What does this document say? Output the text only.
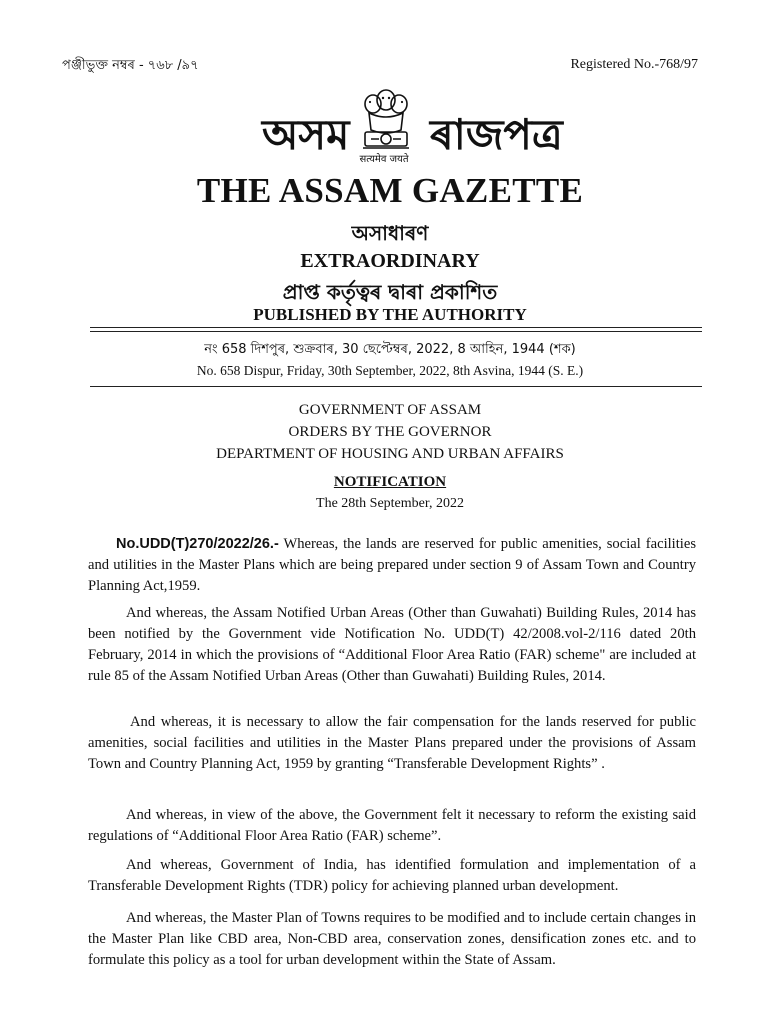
পঞ্জীভুক্ত নম্বৰ - ৭৬৮ /৯৭	Registered No.-768/97
অসম ৰাজপত্ৰ
सत्यमेव जयते
THE ASSAM GAZETTE
অসাধাৰণ
EXTRAORDINARY
প্ৰাপ্ত কৰ্তৃত্বৰ দ্বাৰা প্ৰকাশিত
PUBLISHED BY THE AUTHORITY
নং 658 দিশপুৰ, শুক্ৰবাৰ, 30 ছেপ্টেম্বৰ, 2022, 8 আহিন, 1944 (শক)
No. 658 Dispur, Friday, 30th September, 2022, 8th Asvina, 1944 (S. E.)
GOVERNMENT OF ASSAM
ORDERS BY THE GOVERNOR
DEPARTMENT OF HOUSING AND URBAN AFFAIRS
NOTIFICATION
The 28th September, 2022

No.UDD(T)270/2022/26.- Whereas, the lands are reserved for public amenities, social facilities and utilities in the Master Plans which are being prepared under section 9 of Assam Town and Country Planning Act,1959.

And whereas, the Assam Notified Urban Areas (Other than Guwahati) Building Rules, 2014 has been notified by the Government vide Notification No. UDD(T) 42/2008.vol-2/116 dated 20th February, 2014 in which the provisions of “Additional Floor Area Ratio (FAR) scheme" are included at rule 85 of the Assam Notified Urban Areas (Other than Guwahati) Building Rules, 2014.

And whereas, it is necessary to allow the fair compensation for the lands reserved for public amenities, social facilities and utilities in the Master Plans prepared under the provisions of Assam Town and Country Planning Act, 1959 by granting “Transferable Development Rights” .

And whereas, in view of the above, the Government felt it necessary to reform the existing said regulations of “Additional Floor Area Ratio (FAR) scheme”.

And whereas, Government of India, has identified formulation and implementation of a Transferable Development Rights (TDR) policy for achieving planned urban development.

And whereas, the Master Plan of Towns requires to be modified and to include certain changes in the Master Plan like CBD area, Non-CBD area, conservation zones, densification zones etc. and to formulate this policy as a tool for urban development within the State of Assam.
